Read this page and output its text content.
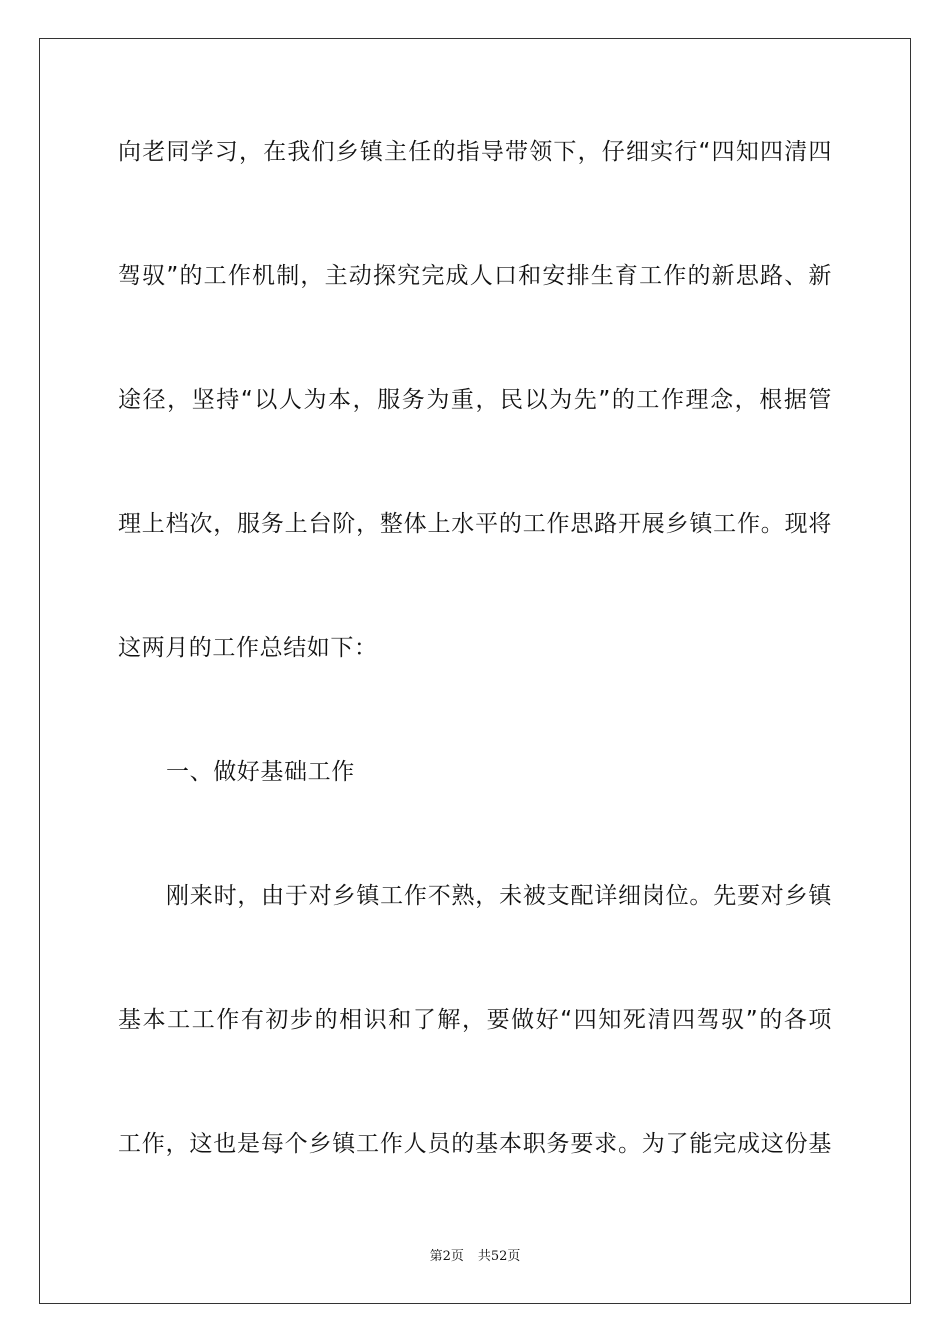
向老同学习，在我们乡镇主任的指导带领下，仔细实行“四知四清四
驾驭”的工作机制，主动探究完成人口和安排生育工作的新思路、新
途径，坚持“以人为本，服务为重，民以为先”的工作理念，根据管
理上档次，服务上台阶，整体上水平的工作思路开展乡镇工作。现将
这两月的工作总结如下：
一、做好基础工作
刚来时，由于对乡镇工作不熟，未被支配详细岗位。先要对乡镇
基本工工作有初步的相识和了解，要做好“四知死清四驾驭”的各项
工作，这也是每个乡镇工作人员的基本职务要求。为了能完成这份基
第2页 共52页
